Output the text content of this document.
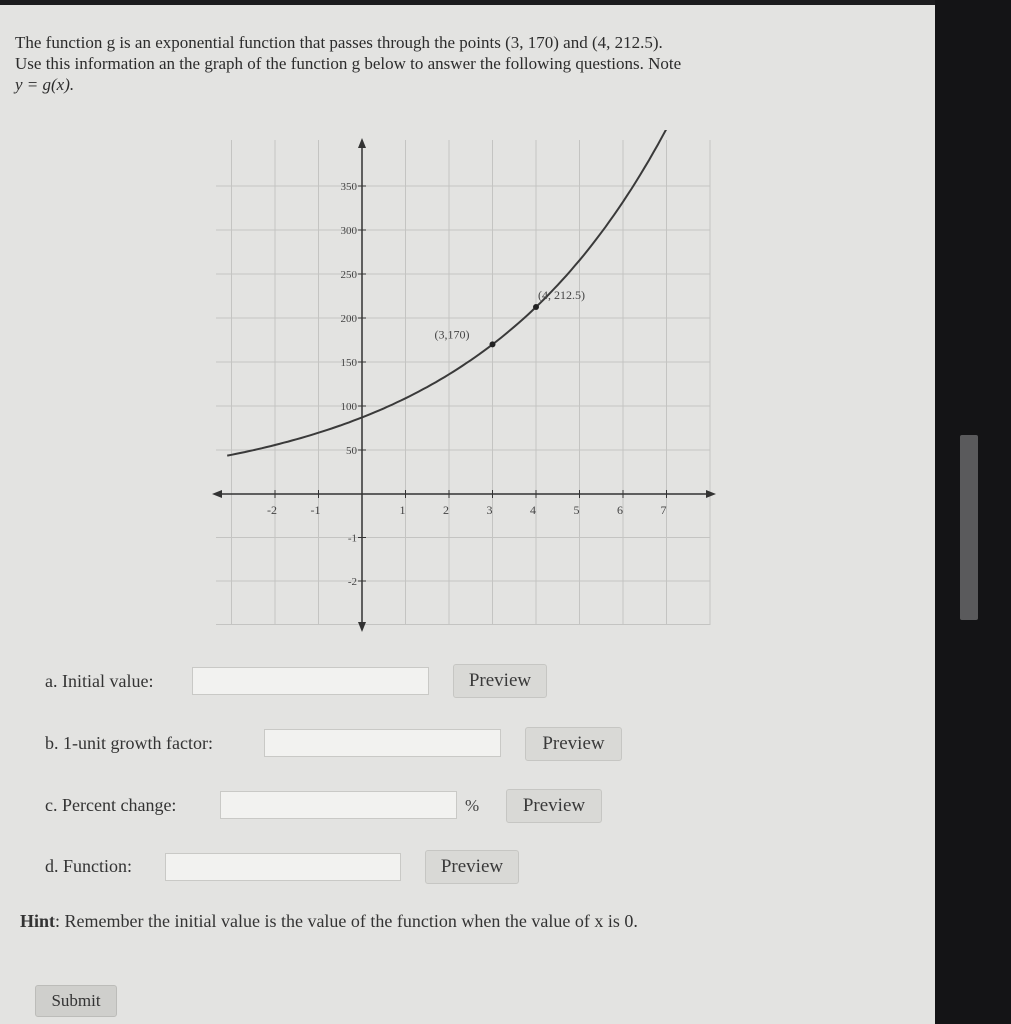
The function g is an exponential function that passes through the points (3, 170) and (4, 212.5).

Use this information an the graph of the function g below to answer the following questions. Note

y = g(x).

-2	-1	1	2	3	4	5	6	7
350
300
250
200
150
100
50
-1
-2
(3,170)
(4, 212.5)
a. Initial value:	Preview
b. 1-unit growth factor:	Preview
c. Percent change:	%	Preview
d. Function:	Preview
Hint: Remember the initial value is the value of the function when the value of x is 0.
Submit
